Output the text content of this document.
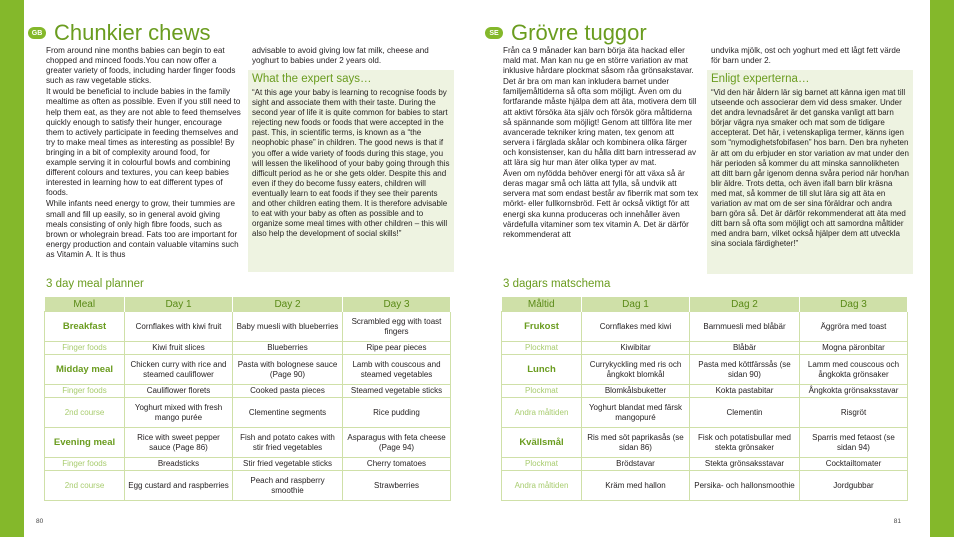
GB Chunkier chews

From around nine months babies can begin to eat chopped and minced foods.You can now offer a greater variety of foods, including harder finger foods such as raw vegetable sticks.

It would be beneficial to include babies in the family mealtime as often as possible. Even if you still need to help them eat, as they are not able to feed themselves quickly enough to satisfy their hunger, encourage them to actively participate in feeding themselves and try to make meal times as interesting as possible! By bringing in a bit of complexity around food, for example serving it in colourful bowls and combining different colours and textures, you can keep babies interested in learning how to eat different types of foods.

While infants need energy to grow, their tummies are small and fill up easily, so in general avoid giving meals consisting of only high fibre foods, such as brown or wholegrain bread. Fats too are important for energy production and contain valuable vitamins such as Vitamin A. It is thus

advisable to avoid giving low fat milk, cheese and yoghurt to babies under 2 years old.

What the expert says…
“At this age your baby is learning to recognise foods by sight and associate them with their taste. During the second year of life it is quite common for babies to start rejecting new foods or foods that were accepted in the past. This, in scientific terms, is known as a “the neophobic phase” in children. The good news is that if you offer a wide variety of foods during this stage, you will lessen the likelihood of your baby going through this difficult period as he or she gets older. Despite this and even if they do become fussy eaters, children will eventually learn to eat foods if they see their parents and other children eating them. It is therefore advisable to eat with your baby as often as possible and to organize some meal times with other children – this will also help the development of social skills!”
3 day meal planner
Meal	Day 1	Day 2	Day 3
Breakfast	Cornflakes with kiwi fruit	Baby muesli with blueberries	Scrambled egg with toast fingers
Finger foods	Kiwi fruit slices	Blueberries	Ripe pear pieces
Midday meal	Chicken curry with rice and steamed cauliflower	Pasta with bolognese sauce (Page 90)	Lamb with couscous and steamed vegetables
Finger foods	Cauliflower florets	Cooked pasta pieces	Steamed vegetable sticks
2nd course	Yoghurt mixed with fresh mango purée	Clementine segments	Rice pudding
Evening meal	Rice with sweet pepper sauce (Page 86)	Fish and potato cakes with stir fried vegetables	Asparagus with feta cheese (Page 94)
Finger foods	Breadsticks	Stir fried vegetable sticks	Cherry tomatoes
2nd course	Egg custard and raspberries	Peach and raspberry smoothie	Strawberries
80
SE Grövre tuggor

Från ca 9 månader kan barn börja äta hackad eller mald mat. Man kan nu ge en större variation av mat inklusive hårdare plockmat såsom råa grönsakstavar.

Det är bra om man kan inkludera barnet under familjemåltiderna så ofta som möjligt. Även om du fortfarande måste hjälpa dem att äta, motivera dem till att aktivt försöka äta själv och försök göra måltiderna så spännande som möjligt! Genom att tillföra lite mer avancerade tekniker kring maten, tex genom att servera i färglada skålar och kombinera olika färger och konsistenser, kan du hålla ditt barn intresserad av att lära sig hur man äter olika typer av mat.

Även om nyfödda behöver energi för att växa så är deras magar små och lätta att fylla, så undvik att servera mat som endast består av fiberrik mat som tex mörkt- eller fullkornsbröd. Fett är också viktigt för att energi ska kunna produceras och innehåller även värdefulla vitaminer som tex vitamin A. Det är därför rekommenderat att

undvika mjölk, ost och yoghurt med ett lågt fett värde för barn under 2.

Enligt experterna…
“Vid den här åldern lär sig barnet att känna igen mat till utseende och associerar dem vid dess smaker. Under det andra levnadsåret är det ganska vanligt att barn börjar vägra nya smaker och mat som de tidigare accepterat. Det här, i vetenskapliga termer, känns igen som “nymodighetsfobifasen” hos barn. Den bra nyheten är att om du erbjuder en stor variation av mat under den här perioden så kommer du att minska sannolikheten att ditt barn går igenom denna svåra period när hon/han blir äldre. Trots detta, och även ifall barn blir kräsna med mat, så kommer de till slut lära sig att äta en variation av mat om de ser sina föräldrar och andra barn göra så. Det är därför rekommenderat att äta med ditt barn så ofta som möjligt och att samordna måltider med andra barn, vilket också hjälper dem att utveckla sina sociala färdigheter!”
3 dagars matschema
Måltid	Dag 1	Dag 2	Dag 3
Frukost	Cornflakes med kiwi	Barnmuesli med blåbär	Äggröra med toast
Plockmat	Kiwibitar	Blåbär	Mogna päronbitar
Lunch	Currykyckling med ris och ångkokt blomkål	Pasta med köttfärssås (se sidan 90)	Lamm med couscous och ångkokta grönsaker
Plockmat	Blomkålsbuketter	Kokta pastabitar	Ångkokta grönsaksstavar
Andra måltiden	Yoghurt blandat med färsk mangopuré	Clementin	Risgröt
Kvällsmål	Ris med söt paprikasås (se sidan 86)	Fisk och potatisbullar med stekta grönsaker	Sparris med fetaost (se sidan 94)
Plockmat	Brödstavar	Stekta grönsaksstavar	Cocktailtomater
Andra måltiden	Kräm med hallon	Persika- och hallonsmoothie	Jordgubbar
81
